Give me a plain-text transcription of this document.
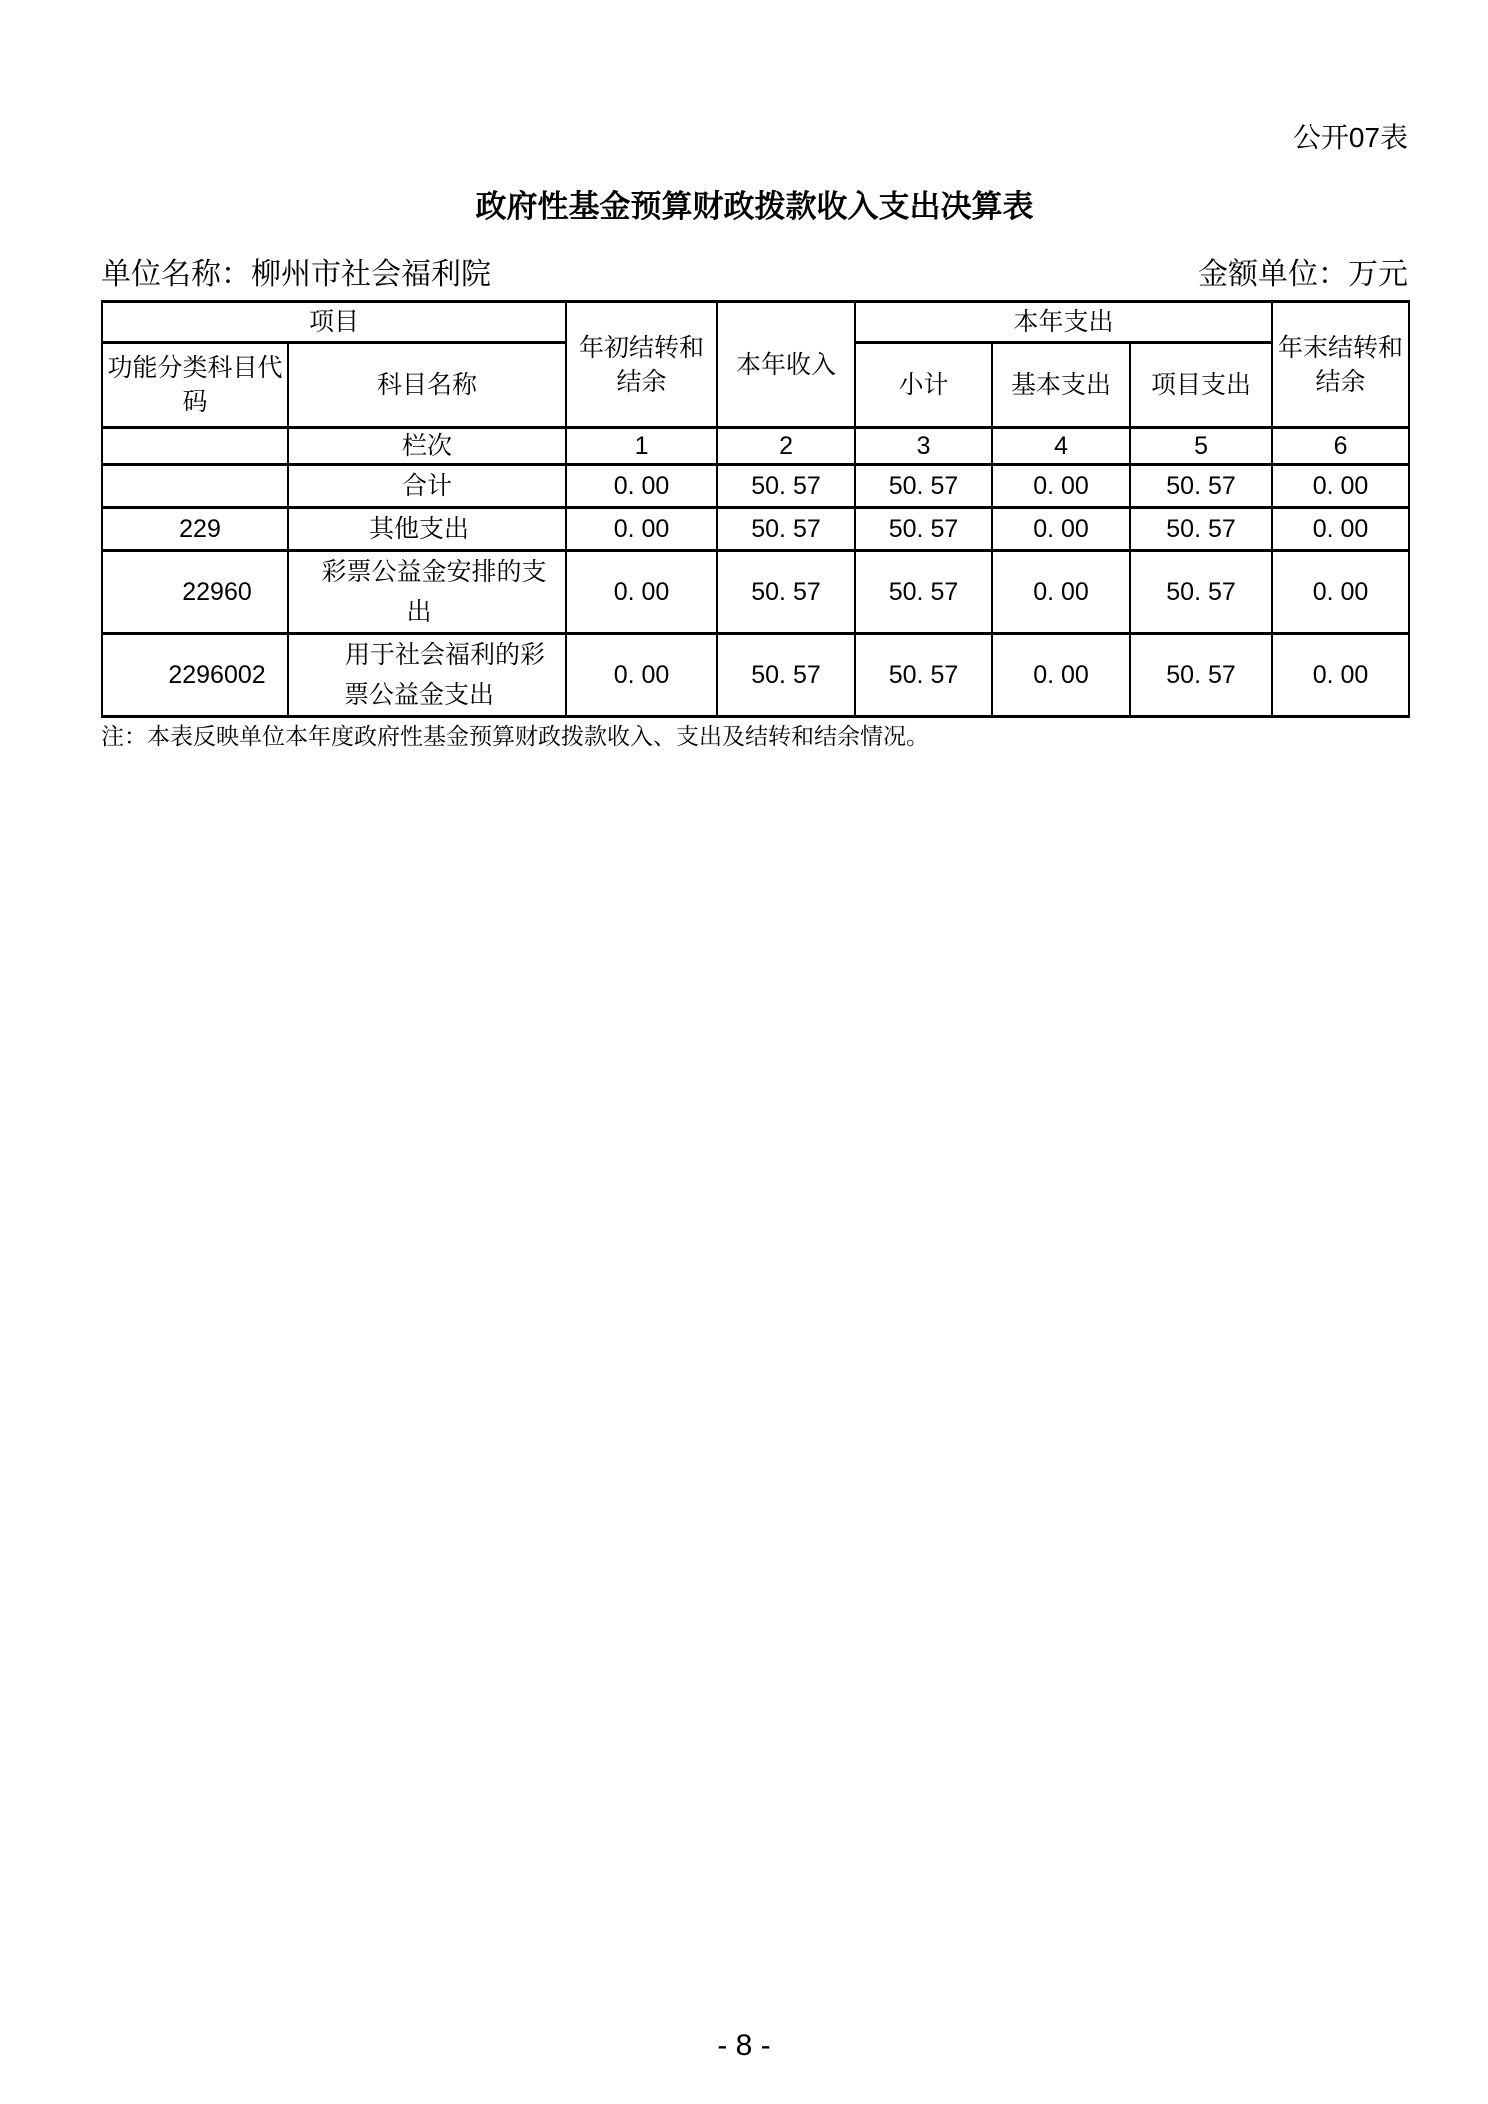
公开07表
政府性基金预算财政拨款收入支出决算表
单位名称：柳州市社会福利院	金额单位：万元
项目		年初结转和结余	本年收入	本年支出			年末结转和结余
功能分类科目代码	科目名称			小计	基本支出	项目支出	
	栏次	1	2	3	4	5	6

	合计	0. 00	50. 57	50. 57	0. 00	50. 57	0. 00
229	其他支出	0. 00	50. 57	50. 57	0. 00	50. 57	0. 00
22960	彩票公益金安排的支出	0. 00	50. 57	50. 57	0. 00	50. 57	0. 00
2296002	用于社会福利的彩票公益金支出	0. 00	50. 57	50. 57	0. 00	50. 57	0. 00
注：本表反映单位本年度政府性基金预算财政拨款收入、支出及结转和结余情况。
- 8 -
